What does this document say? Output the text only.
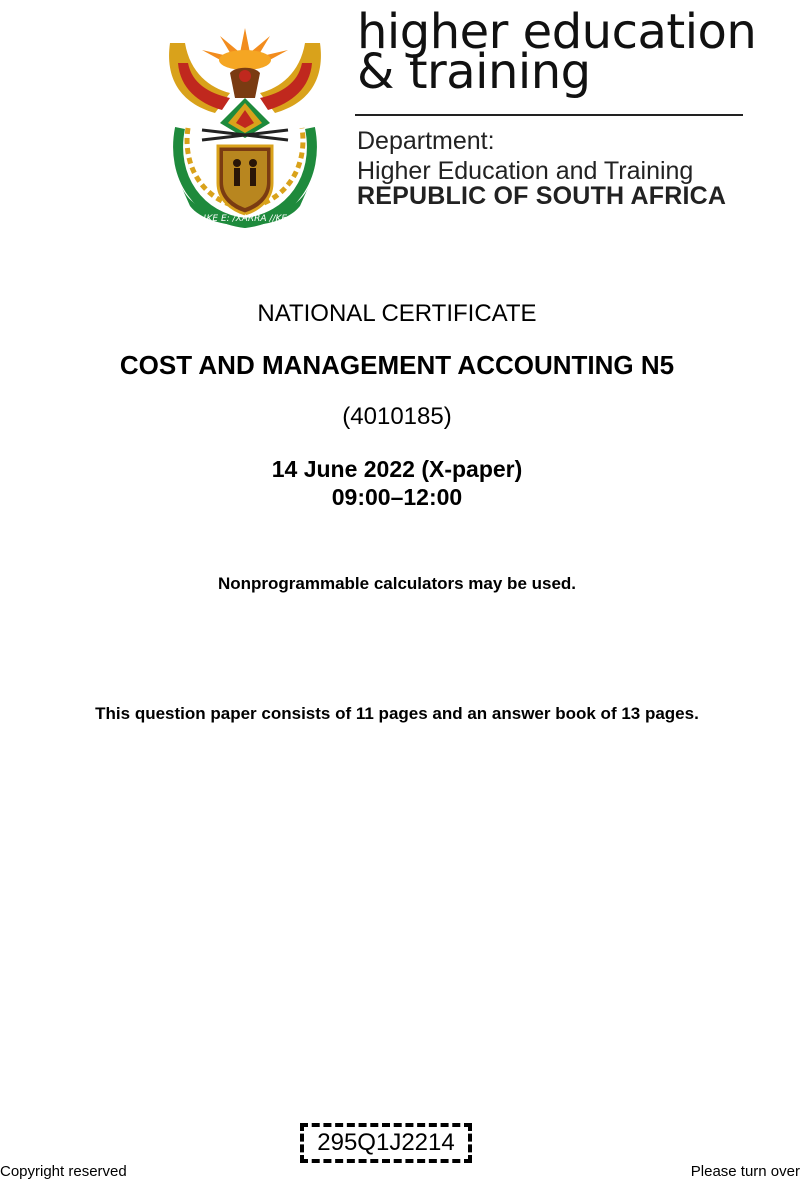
!KE E: /XARRA //KE
higher education
& training
Department:
Higher Education and Training
REPUBLIC OF SOUTH AFRICA
NATIONAL CERTIFICATE
COST AND MANAGEMENT ACCOUNTING N5
(4010185)
14 June 2022 (X-paper)
09:00–12:00
Nonprogrammable calculators may be used.
This question paper consists of 11 pages and an answer book of 13 pages.
295Q1J2214
Copyright reserved	Please turn over
